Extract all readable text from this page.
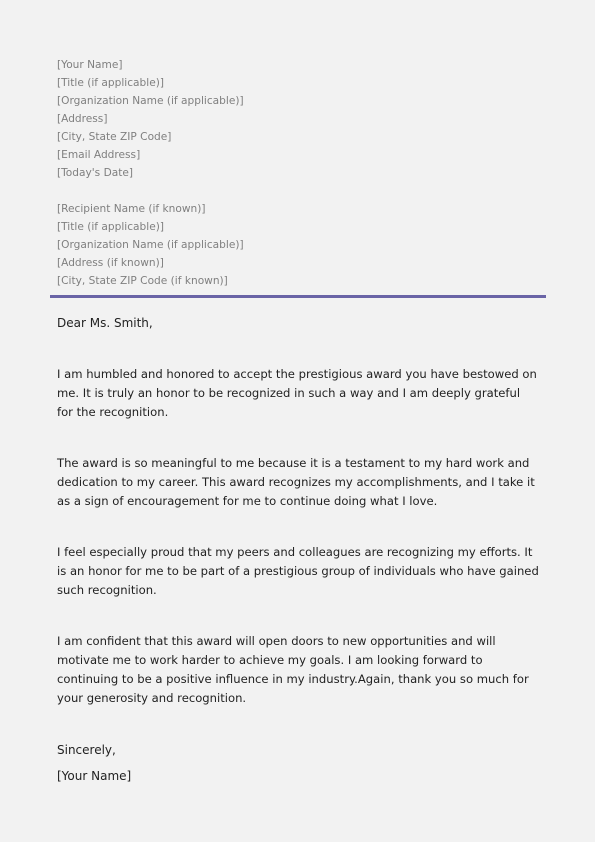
[Your Name]
[Title (if applicable)]
[Organization Name (if applicable)]
[Address]
[City, State ZIP Code]
[Email Address]
[Today's Date]
[Recipient Name (if known)]
[Title (if applicable)]
[Organization Name (if applicable)]
[Address (if known)]
[City, State ZIP Code (if known)]
Dear Ms. Smith,

I am humbled and honored to accept the prestigious award you have bestowed on me. It is truly an honor to be recognized in such a way and I am deeply grateful for the recognition.

The award is so meaningful to me because it is a testament to my hard work and dedication to my career. This award recognizes my accomplishments, and I take it as a sign of encouragement for me to continue doing what I love.

I feel especially proud that my peers and colleagues are recognizing my efforts. It is an honor for me to be part of a prestigious group of individuals who have gained such recognition.

I am confident that this award will open doors to new opportunities and will motivate me to work harder to achieve my goals. I am looking forward to continuing to be a positive influence in my industry.Again, thank you so much for your generosity and recognition.

Sincerely,
[Your Name]
